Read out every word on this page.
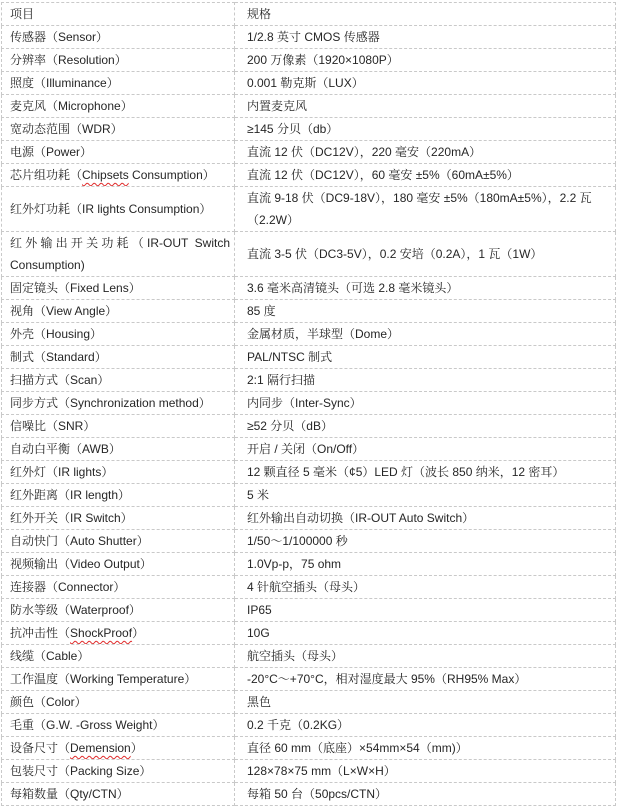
项目	规格
传感器（Sensor）	1/2.8 英寸 CMOS 传感器
分辨率（Resolution）	200 万像素（1920×1080P）
照度（Illuminance）	0.001 勒克斯（LUX）
麦克风（Microphone）	内置麦克风
宽动态范围（WDR）	≥145 分贝（db）
电源（Power）	直流 12 伏（DC12V），220 毫安（220mA）
芯片组功耗（Chipsets Consumption）	直流 12 伏（DC12V），60 毫安 ±5%（60mA±5%）
红外灯功耗（IR lights Consumption）	直流 9-18 伏（DC9-18V），180 毫安 ±5%（180mA±5%），2.2 瓦
（2.2W）
红外输出开关功耗（IR-OUT Switch Consumption)	直流 3-5 伏（DC3-5V），0.2 安培（0.2A），1 瓦（1W）
固定镜头（Fixed Lens）	3.6 毫米高清镜头（可选 2.8 毫米镜头）
视角（View Angle）	85 度
外壳（Housing）	金属材质，半球型（Dome）
制式（Standard）	PAL/NTSC 制式
扫描方式（Scan）	2:1 隔行扫描
同步方式（Synchronization method）	内同步（Inter-Sync）
信噪比（SNR）	≥52 分贝（dB）
自动白平衡（AWB）	开启 / 关闭（On/Off）
红外灯（IR lights）	12 颗直径 5 毫米（¢5）LED 灯（波长 850 纳米，12 密耳）
红外距离（IR length）	5 米
红外开关（IR Switch）	红外输出自动切换（IR-OUT Auto Switch）
自动快门（Auto Shutter）	1/50～1/100000 秒
视频输出（Video Output）	1.0Vp-p，75 ohm
连接器（Connector）	4 针航空插头（母头）
防水等级（Waterproof）	IP65
抗冲击性（ShockProof）	10G
线缆（Cable）	航空插头（母头）
工作温度（Working Temperature）	-20°C～+70°C，相对湿度最大 95%（RH95% Max）
颜色（Color）	黑色
毛重（G.W. -Gross Weight）	0.2 千克（0.2KG）
设备尺寸（Demension）	直径 60 mm（底座）×54mm×54（mm)）
包装尺寸（Packing Size）	128×78×75 mm（L×W×H）
每箱数量（Qty/CTN）	每箱 50 台（50pcs/CTN）
